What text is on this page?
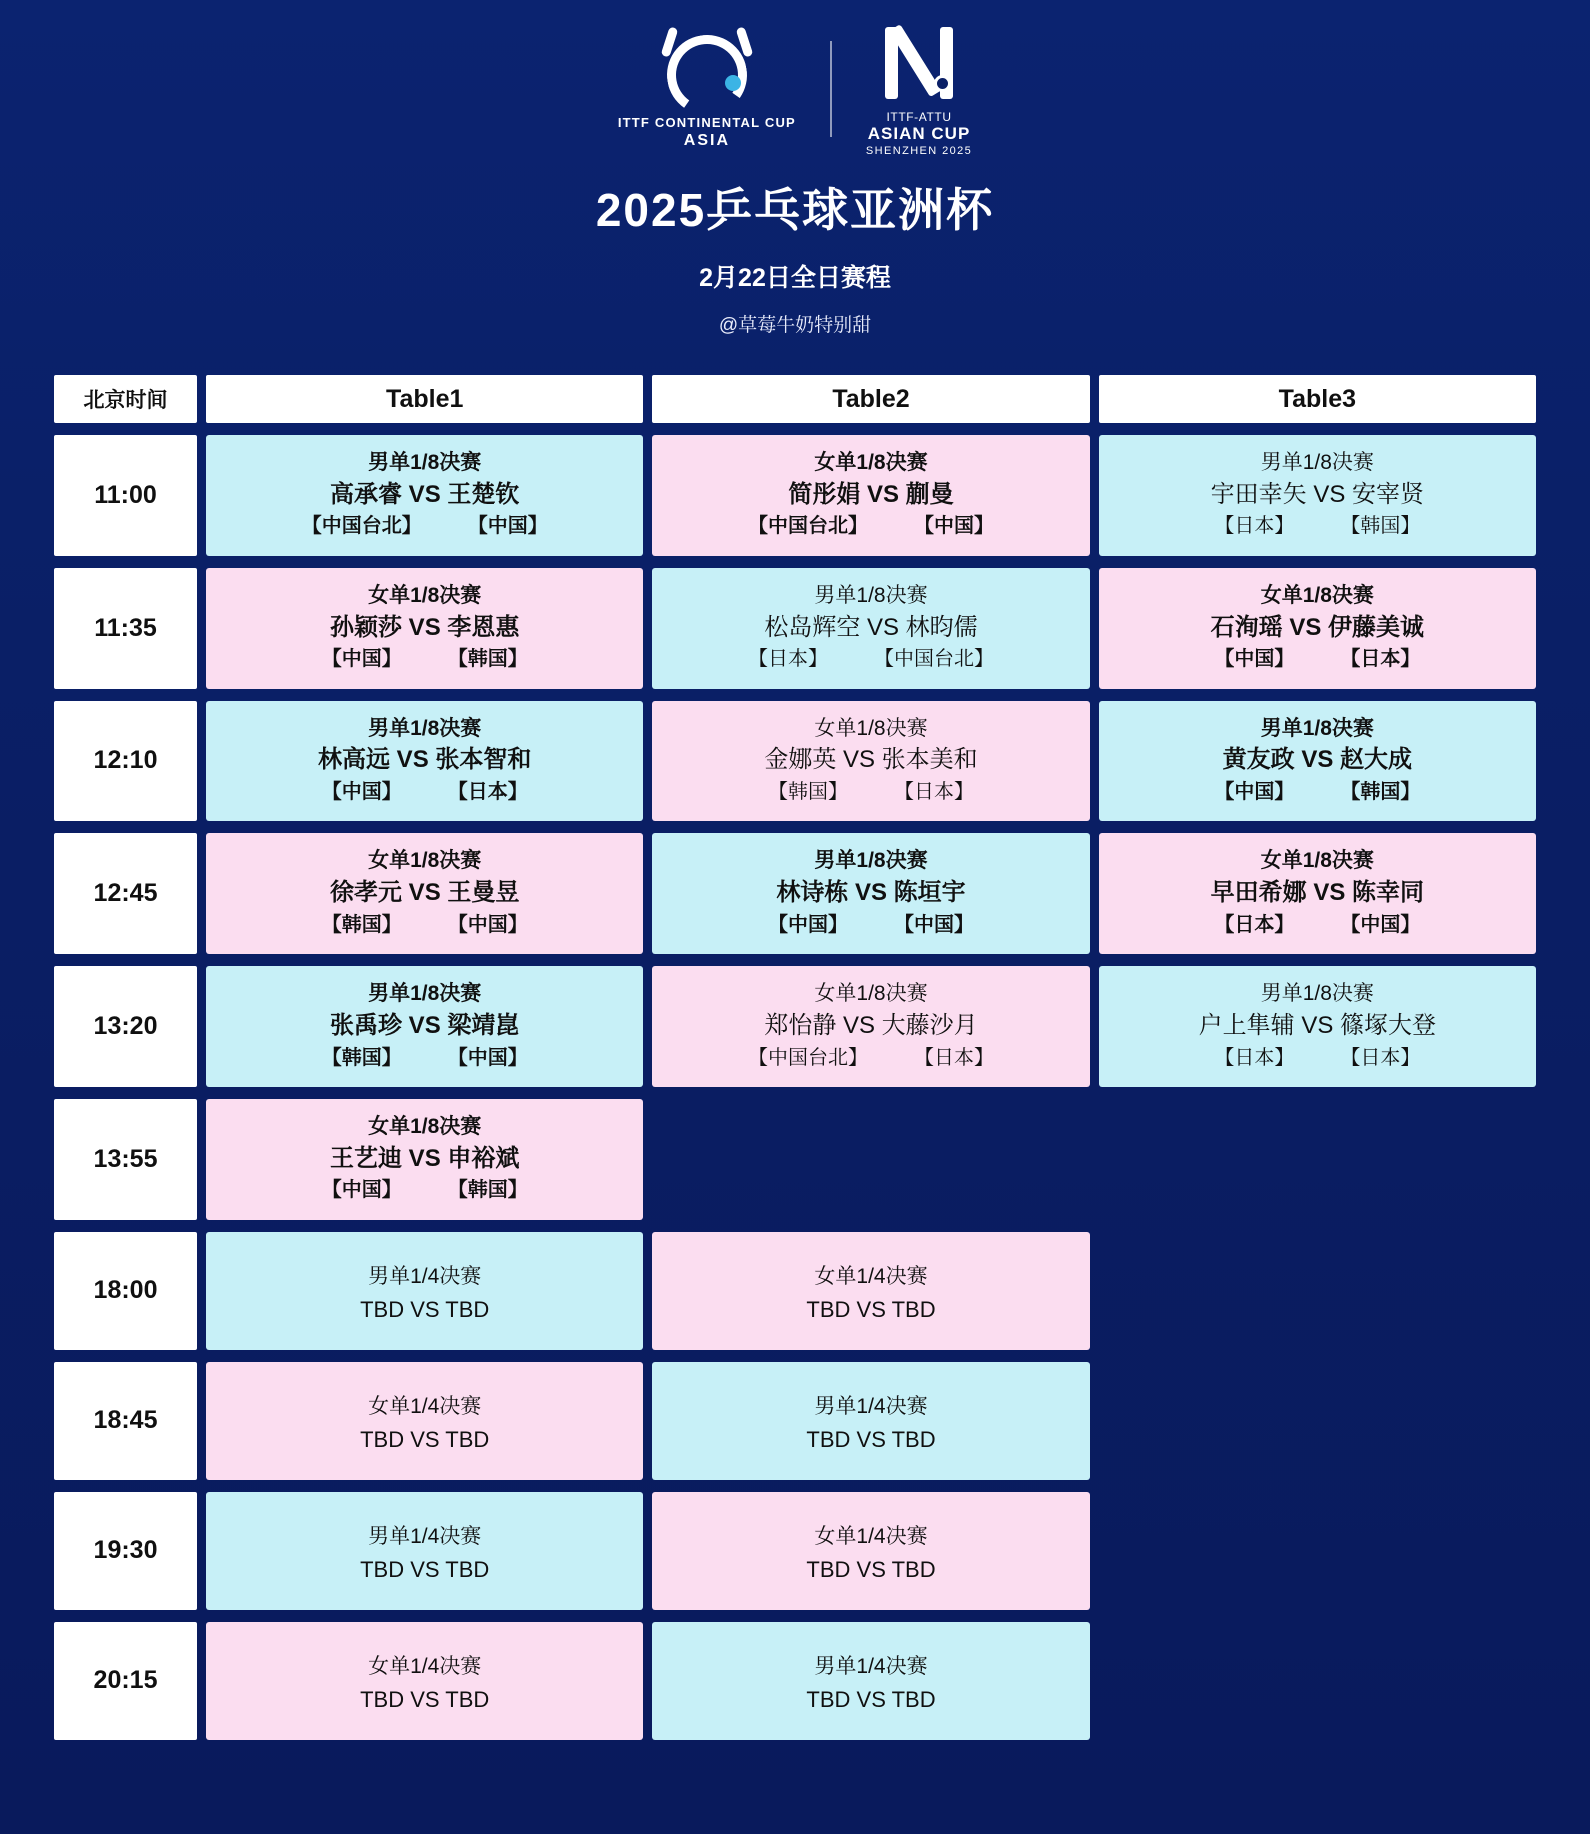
ITTF CONTINENTAL CUP
ASIA
ITTF-ATTU
ASIAN CUP
SHENZHEN 2025
2025乒乓球亚洲杯
2月22日全日赛程
@草莓牛奶特别甜
北京时间	Table1	Table2	Table3
11:00	
男单1/8决赛
高承睿 VS 王楚钦
【中国台北】 【中国】

女单1/8决赛
简彤娟 VS 蒯曼
【中国台北】 【中国】

男单1/8决赛
宇田幸矢 VS 安宰贤
【日本】 【韩国】

11:35	
女单1/8决赛
孙颖莎 VS 李恩惠
【中国】 【韩国】

男单1/8决赛
松岛辉空 VS 林昀儒
【日本】 【中国台北】

女单1/8决赛
石洵瑶 VS 伊藤美诚
【中国】 【日本】

12:10	
男单1/8决赛
林高远 VS 张本智和
【中国】 【日本】

女单1/8决赛
金娜英 VS 张本美和
【韩国】 【日本】

男单1/8决赛
黄友政 VS 赵大成
【中国】 【韩国】

12:45	
女单1/8决赛
徐孝元 VS 王曼昱
【韩国】 【中国】

男单1/8决赛
林诗栋 VS 陈垣宇
【中国】 【中国】

女单1/8决赛
早田希娜 VS 陈幸同
【日本】 【中国】

13:20	
男单1/8决赛
张禹珍 VS 梁靖崑
【韩国】 【中国】

女单1/8决赛
郑怡静 VS 大藤沙月
【中国台北】 【日本】

男单1/8决赛
户上隼辅 VS 篠塚大登
【日本】 【日本】

13:55	女单1/8决赛
王艺迪 VS 申裕斌
【中国】 【韩国】		

18:00	男单1/4决赛
TBD VS TBD

女单1/4决赛
TBD VS TBD

18:45	女单1/4决赛
TBD VS TBD

男单1/4决赛
TBD VS TBD

19:30	男单1/4决赛
TBD VS TBD

女单1/4决赛
TBD VS TBD

20:15	女单1/4决赛
TBD VS TBD

男单1/4决赛
TBD VS TBD
